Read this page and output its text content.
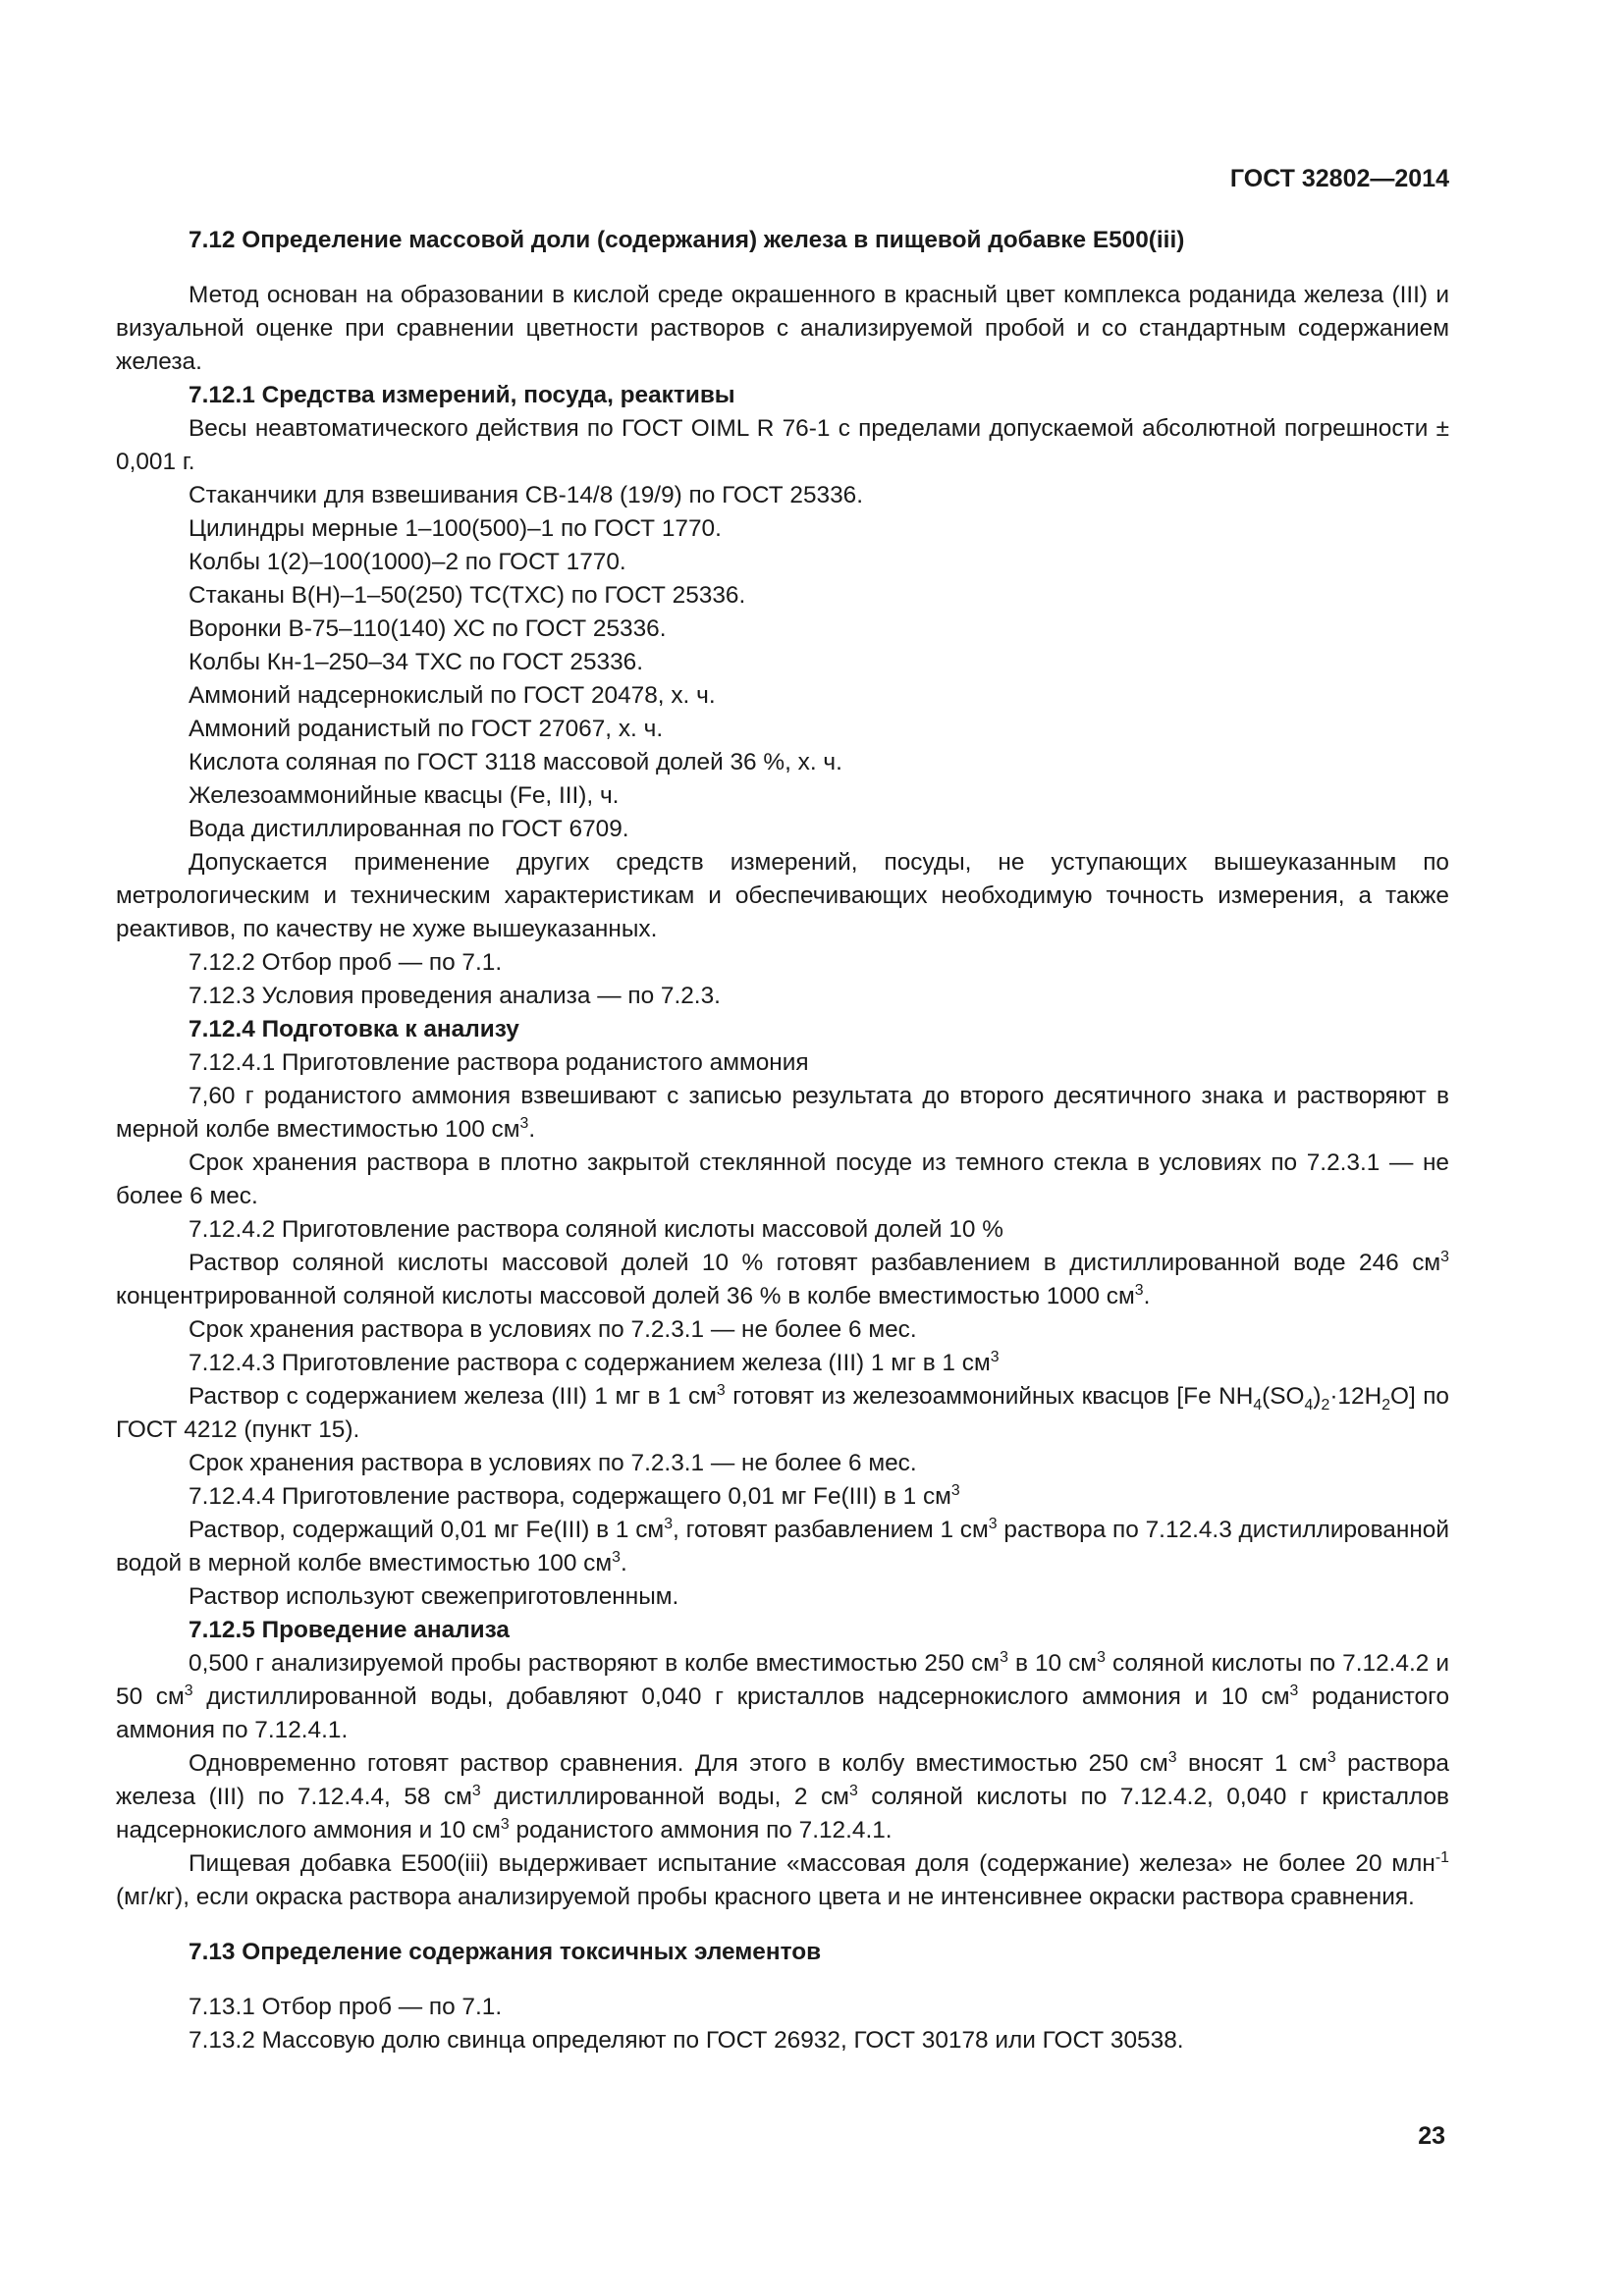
ГОСТ 32802—2014

7.12 Определение массовой доли (содержания) железа в пищевой добавке E500(iii)

Метод основан на образовании в кислой среде окрашенного в красный цвет комплекса роданида железа (III) и визуальной оценке при сравнении цветности растворов с анализируемой пробой и со стандартным содержанием железа.

7.12.1 Средства измерений, посуда, реактивы

Весы неавтоматического действия по ГОСТ OIML R 76-1 с пределами допускаемой абсолютной погрешности ± 0,001 г.

Стаканчики для взвешивания СВ-14/8 (19/9) по ГОСТ 25336.

Цилиндры мерные 1–100(500)–1 по ГОСТ 1770.

Колбы 1(2)–100(1000)–2 по ГОСТ 1770.

Стаканы В(Н)–1–50(250) ТС(ТХС) по ГОСТ 25336.

Воронки В-75–110(140) ХС по ГОСТ 25336.

Колбы Кн-1–250–34 ТХС по ГОСТ 25336.

Аммоний надсернокислый по ГОСТ 20478, х. ч.

Аммоний роданистый по ГОСТ 27067, х. ч.

Кислота соляная по ГОСТ 3118 массовой долей 36 %, х. ч.

Железоаммонийные квасцы (Fe, III), ч.

Вода дистиллированная по ГОСТ 6709.

Допускается применение других средств измерений, посуды, не уступающих вышеуказанным по метрологическим и техническим характеристикам и обеспечивающих необходимую точность измерения, а также реактивов, по качеству не хуже вышеуказанных.

7.12.2 Отбор проб — по 7.1.

7.12.3 Условия проведения анализа — по 7.2.3.

7.12.4 Подготовка к анализу

7.12.4.1 Приготовление раствора роданистого аммония

7,60 г роданистого аммония взвешивают с записью результата до второго десятичного знака и растворяют в мерной колбе вместимостью 100 $см^3$.

Срок хранения раствора в плотно закрытой стеклянной посуде из темного стекла в условиях по 7.2.3.1 — не более 6 мес.

7.12.4.2 Приготовление раствора соляной кислоты массовой долей 10 %

Раствор соляной кислоты массовой долей 10 % готовят разбавлением в дистиллированной воде 246 $см^3$ концентрированной соляной кислоты массовой долей 36 % в колбе вместимостью 1000 $см^3$.

Срок хранения раствора в условиях по 7.2.3.1 — не более 6 мес.

7.12.4.3 Приготовление раствора с содержанием железа (III) 1 мг в 1 $см^3$

Раствор с содержанием железа (III) 1 мг в 1 $см^3$ готовят из железоаммонийных квасцов [Fe $NH_4(SO_4)_2\cdot 12H_2O$] по ГОСТ 4212 (пункт 15).

Срок хранения раствора в условиях по 7.2.3.1 — не более 6 мес.

7.12.4.4 Приготовление раствора, содержащего 0,01 мг Fe(III) в 1 $см^3$

Раствор, содержащий 0,01 мг Fe(III) в 1 $см^3$, готовят разбавлением 1 $см^3$ раствора по 7.12.4.3 дистиллированной водой в мерной колбе вместимостью 100 $см^3$.

Раствор используют свежеприготовленным.

7.12.5 Проведение анализа

0,500 г анализируемой пробы растворяют в колбе вместимостью 250 $см^3$ в 10 $см^3$ соляной кислоты по 7.12.4.2 и 50 $см^3$ дистиллированной воды, добавляют 0,040 г кристаллов надсернокислого аммония и 10 $см^3$ роданистого аммония по 7.12.4.1.

Одновременно готовят раствор сравнения. Для этого в колбу вместимостью 250 $см^3$ вносят 1 $см^3$ раствора железа (III) по 7.12.4.4, 58 $см^3$ дистиллированной воды, 2 $см^3$ соляной кислоты по 7.12.4.2, 0,040 г кристаллов надсернокислого аммония и 10 $см^3$ роданистого аммония по 7.12.4.1.

Пищевая добавка E500(iii) выдерживает испытание «массовая доля (содержание) железа» не более 20 млн$^{-1}$ (мг/кг), если окраска раствора анализируемой пробы красного цвета и не интенсивнее окраски раствора сравнения.

7.13 Определение содержания токсичных элементов

7.13.1 Отбор проб — по 7.1.

7.13.2 Массовую долю свинца определяют по ГОСТ 26932, ГОСТ 30178 или ГОСТ 30538.

23
